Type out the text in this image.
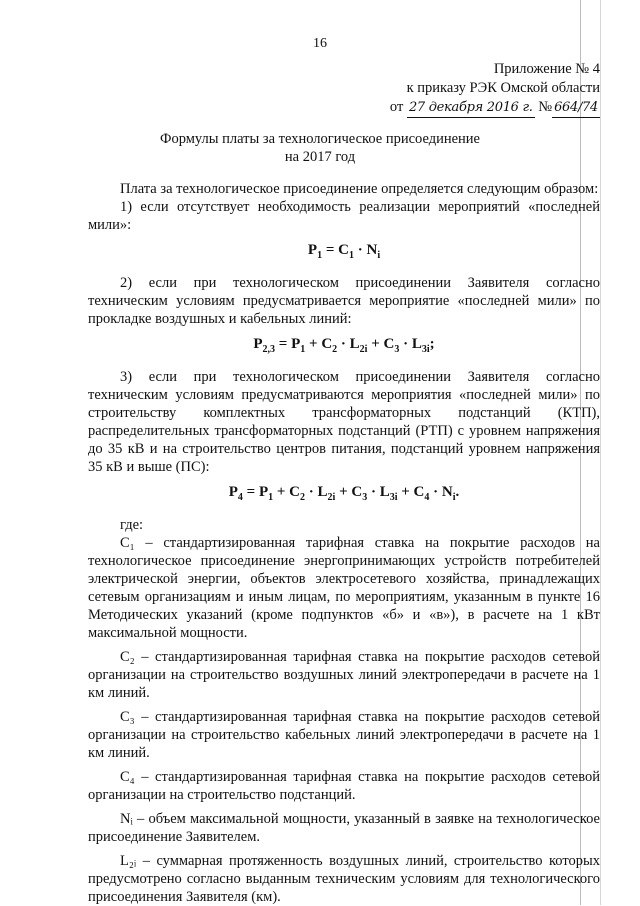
16
Приложение № 4
к приказу РЭК Омской области
от 27 декабря 2016 г. № 664/74
Формулы платы за технологическое присоединение
на 2017 год

Плата за технологическое присоединение определяется следующим образом:

1) если отсутствует необходимость реализации мероприятий «последней мили»:

$P_1 = C_1 \cdot N_i$

2) если при технологическом присоединении Заявителя согласно техническим условиям предусматривается мероприятие «последней мили» по прокладке воздушных и кабельных линий:

$P_{2,3} = P_1 + C_2 \cdot L_{2i} + C_3 \cdot L_{3i}$;

3) если при технологическом присоединении Заявителя согласно техническим условиям предусматриваются мероприятия «последней мили» по строительству комплектных трансформаторных подстанций (КТП), распределительных трансформаторных подстанций (РТП) с уровнем напряжения до 35 кВ и на строительство центров питания, подстанций уровнем напряжения 35 кВ и выше (ПС):

$P_4 = P_1 + C_2 \cdot L_{2i} + C_3 \cdot L_{3i} + C_4 \cdot N_i$.

где:

C₁ – стандартизированная тарифная ставка на покрытие расходов на технологическое присоединение энергопринимающих устройств потребителей электрической энергии, объектов электросетевого хозяйства, принадлежащих сетевым организациям и иным лицам, по мероприятиям, указанным в пункте 16 Методических указаний (кроме подпунктов «б» и «в»), в расчете на 1 кВт максимальной мощности.

C₂ – стандартизированная тарифная ставка на покрытие расходов сетевой организации на строительство воздушных линий электропередачи в расчете на 1 км линий.

C₃ – стандартизированная тарифная ставка на покрытие расходов сетевой организации на строительство кабельных линий электропередачи в расчете на 1 км линий.

C₄ – стандартизированная тарифная ставка на покрытие расходов сетевой организации на строительство подстанций.

Nᵢ – объем максимальной мощности, указанный в заявке на технологическое присоединение Заявителем.

L₂ᵢ – суммарная протяженность воздушных линий, строительство которых предусмотрено согласно выданным техническим условиям для технологического присоединения Заявителя (км).
